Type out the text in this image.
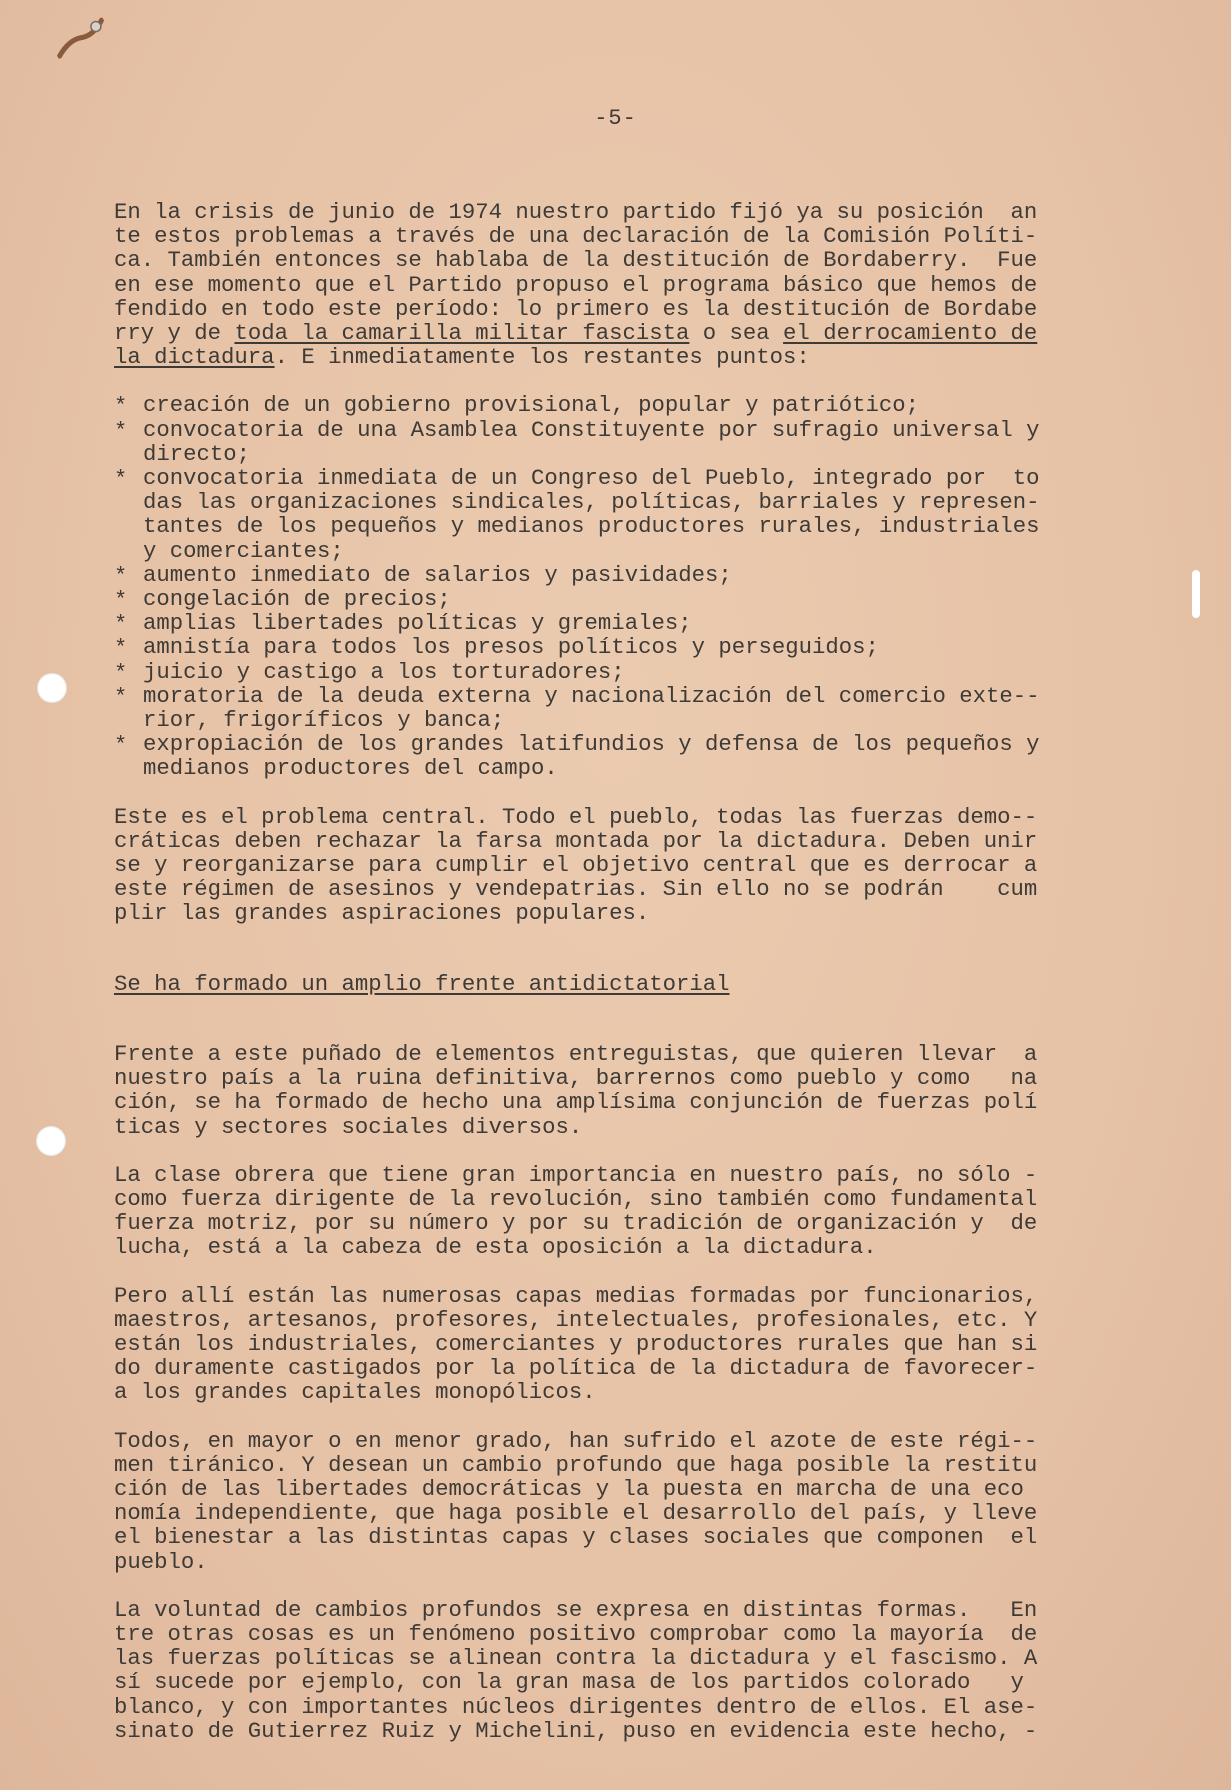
-5-
En la crisis de junio de 1974 nuestro partido fijó ya su posición  an
te estos problemas a través de una declaración de la Comisión Políti-
ca. También entonces se hablaba de la destitución de Bordaberry.  Fue
en ese momento que el Partido propuso el programa básico que hemos de
fendido en todo este período: lo primero es la destitución de Bordabe
rry y de toda la camarilla militar fascista o sea el derrocamiento de
la dictadura. E inmediatamente los restantes puntos:
* creación de un gobierno provisional, popular y patriótico;
* convocatoria de una Asamblea Constituyente por sufragio universal y
directo;
* convocatoria inmediata de un Congreso del Pueblo, integrado por  to
das las organizaciones sindicales, políticas, barriales y represen-
tantes de los pequeños y medianos productores rurales, industriales
y comerciantes;
* aumento inmediato de salarios y pasividades;
* congelación de precios;
* amplias libertades políticas y gremiales;
* amnistía para todos los presos políticos y perseguidos;
* juicio y castigo a los torturadores;
* moratoria de la deuda externa y nacionalización del comercio exte--
rior, frigoríficos y banca;
* expropiación de los grandes latifundios y defensa de los pequeños y
medianos productores del campo.
Este es el problema central. Todo el pueblo, todas las fuerzas demo--
cráticas deben rechazar la farsa montada por la dictadura. Deben unir
se y reorganizarse para cumplir el objetivo central que es derrocar a
este régimen de asesinos y vendepatrias. Sin ello no se podrán    cum
plir las grandes aspiraciones populares.
Se ha formado un amplio frente antidictatorial
Frente a este puñado de elementos entreguistas, que quieren llevar  a
nuestro país a la ruina definitiva, barrernos como pueblo y como   na
ción, se ha formado de hecho una amplísima conjunción de fuerzas polí
ticas y sectores sociales diversos.
La clase obrera que tiene gran importancia en nuestro país, no sólo -
como fuerza dirigente de la revolución, sino también como fundamental
fuerza motriz, por su número y por su tradición de organización y  de
lucha, está a la cabeza de esta oposición a la dictadura.
Pero allí están las numerosas capas medias formadas por funcionarios,
maestros, artesanos, profesores, intelectuales, profesionales, etc. Y
están los industriales, comerciantes y productores rurales que han si
do duramente castigados por la política de la dictadura de favorecer-
a los grandes capitales monopólicos.
Todos, en mayor o en menor grado, han sufrido el azote de este régi--
men tiránico. Y desean un cambio profundo que haga posible la restitu
ción de las libertades democráticas y la puesta en marcha de una eco
nomía independiente, que haga posible el desarrollo del país, y lleve
el bienestar a las distintas capas y clases sociales que componen  el
pueblo.
La voluntad de cambios profundos se expresa en distintas formas.   En
tre otras cosas es un fenómeno positivo comprobar como la mayoría  de
las fuerzas políticas se alinean contra la dictadura y el fascismo. A
sí sucede por ejemplo, con la gran masa de los partidos colorado   y
blanco, y con importantes núcleos dirigentes dentro de ellos. El ase-
sinato de Gutierrez Ruiz y Michelini, puso en evidencia este hecho, -
